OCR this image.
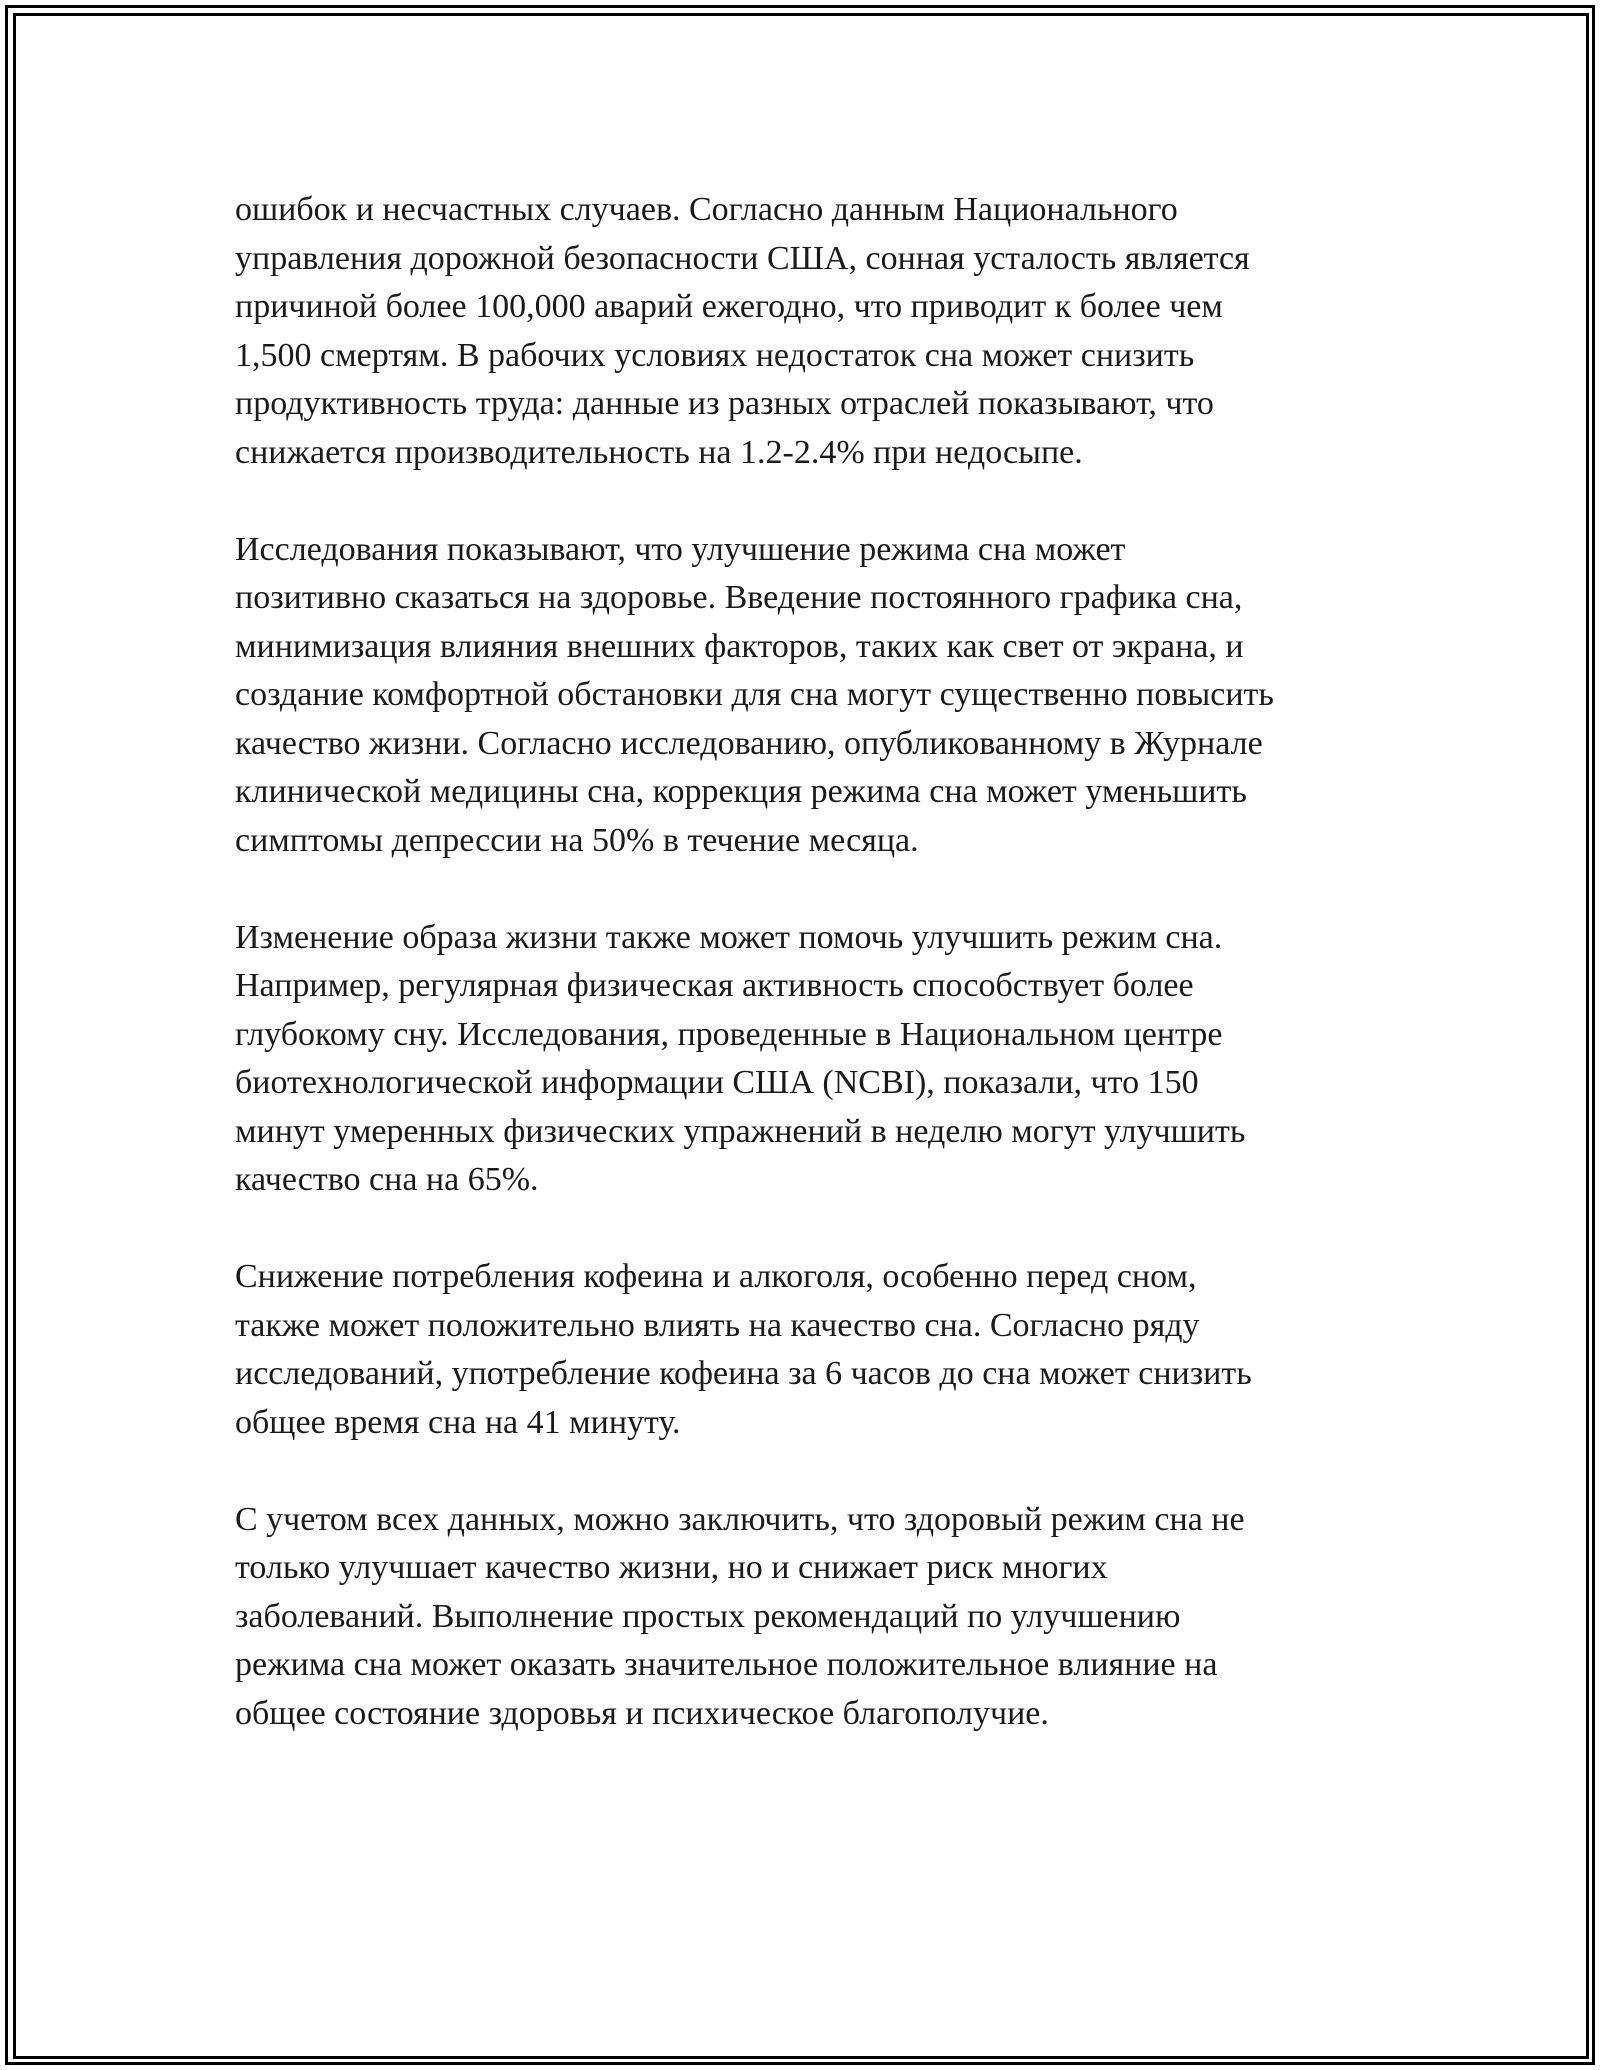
ошибок и несчастных случаев. Согласно данным Национального
управления дорожной безопасности США, сонная усталость является
причиной более 100,000 аварий ежегодно, что приводит к более чем
1,500 смертям. В рабочих условиях недостаток сна может снизить
продуктивность труда: данные из разных отраслей показывают, что
снижается производительность на 1.2-2.4% при недосыпе.

Исследования показывают, что улучшение режима сна может
позитивно сказаться на здоровье. Введение постоянного графика сна,
минимизация влияния внешних факторов, таких как свет от экрана, и
создание комфортной обстановки для сна могут существенно повысить
качество жизни. Согласно исследованию, опубликованному в Журнале
клинической медицины сна, коррекция режима сна может уменьшить
симптомы депрессии на 50% в течение месяца.

Изменение образа жизни также может помочь улучшить режим сна.
Например, регулярная физическая активность способствует более
глубокому сну. Исследования, проведенные в Национальном центре
биотехнологической информации США (NCBI), показали, что 150
минут умеренных физических упражнений в неделю могут улучшить
качество сна на 65%.

Снижение потребления кофеина и алкоголя, особенно перед сном,
также может положительно влиять на качество сна. Согласно ряду
исследований, употребление кофеина за 6 часов до сна может снизить
общее время сна на 41 минуту.

С учетом всех данных, можно заключить, что здоровый режим сна не
только улучшает качество жизни, но и снижает риск многих
заболеваний. Выполнение простых рекомендаций по улучшению
режима сна может оказать значительное положительное влияние на
общее состояние здоровья и психическое благополучие.
